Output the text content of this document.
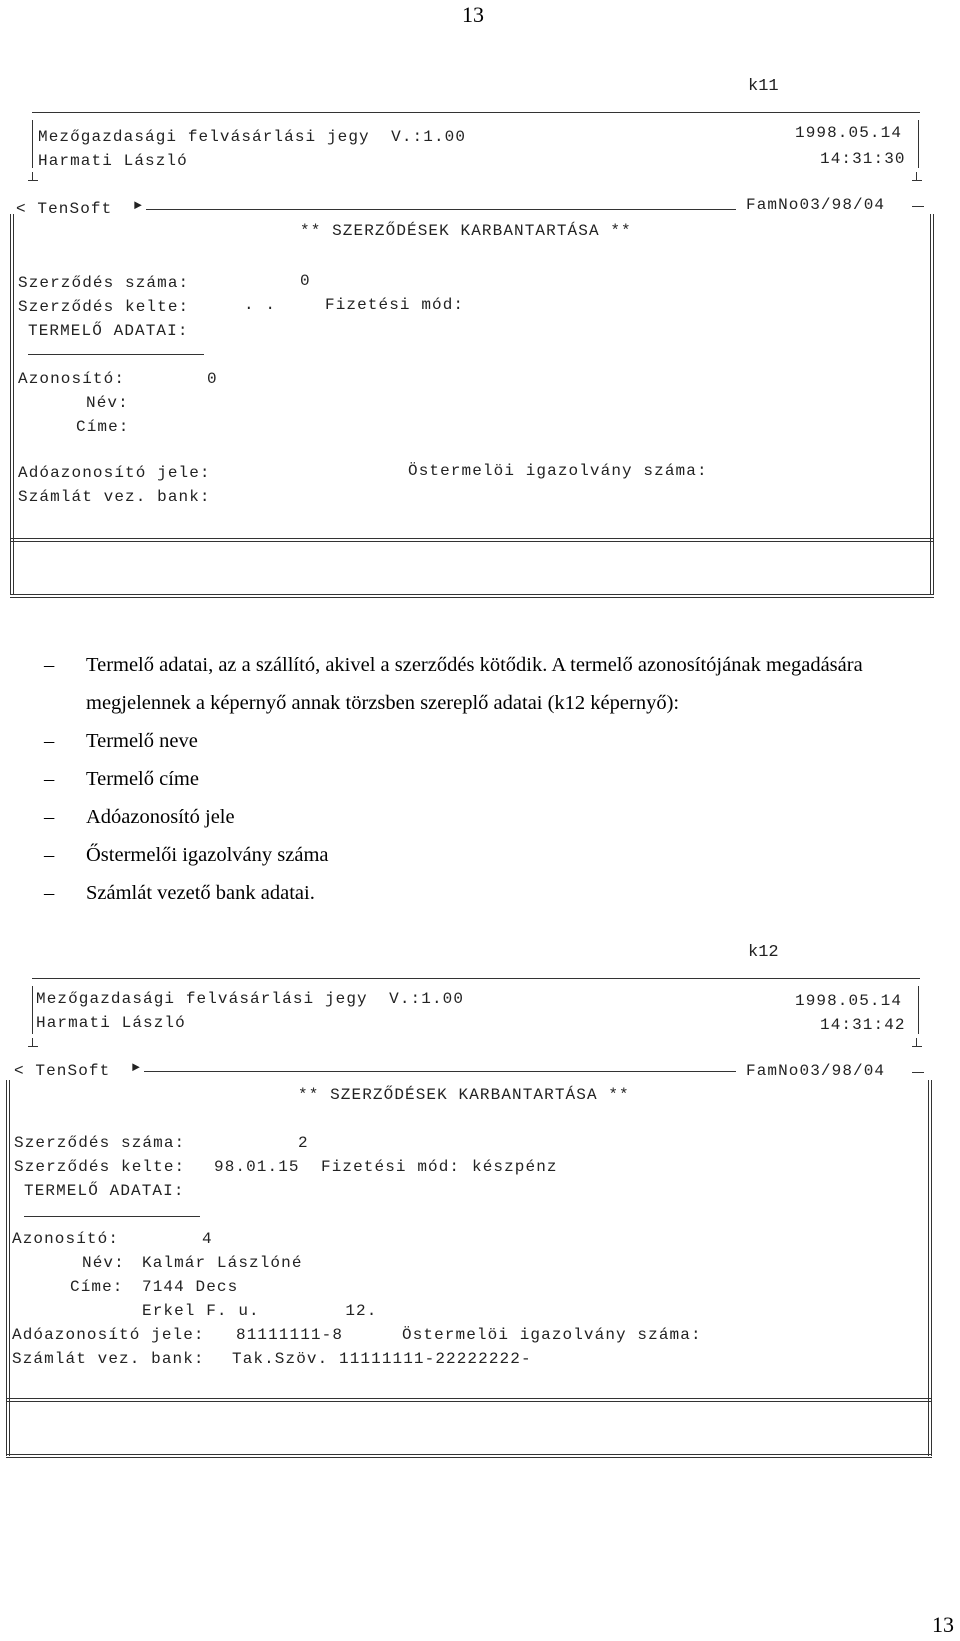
13
k11
Mezőgazdasági felvásárlási jegy  V.:1.00
Harmati László
1998.05.14
14:31:30
< TenSoft ►	FamNo03/98/04
** SZERZŐDÉSEK KARBANTARTÁSA **
Szerződés száma:	0
Szerződés kelte:	. .	Fizetési mód:
TERMELŐ ADATAI:
Azonosító:	0
Név:
Címe:
Adóazonosító jele:	Östermelöi igazolvány száma:
Számlát vez. bank:
– Termelő adatai, az a szállító, akivel a szerződés kötődik. A termelő azonosítójának megadására megjelennek a képernyő annak törzsben szereplő adatai (k12 képernyő):
– Termelő neve
– Termelő címe
– Adóazonosító jele
– Őstermelői igazolvány száma
– Számlát vezető bank adatai.
k12
Mezőgazdasági felvásárlási jegy  V.:1.00
Harmati László
1998.05.14
14:31:42
< TenSoft ►	FamNo03/98/04
** SZERZŐDÉSEK KARBANTARTÁSA **
Szerződés száma:	2
Szerződés kelte: 98.01.15 Fizetési mód: készpénz
TERMELŐ ADATAI:
Azonosító:	4
Név: Kalmár Lászlóné
Címe: 7144 Decs
Erkel F. u.        12.
Adóazonosító jele: 81111111-8	Östermelöi igazolvány száma:
Számlát vez. bank: Tak.Szöv. 11111111-22222222-
13
